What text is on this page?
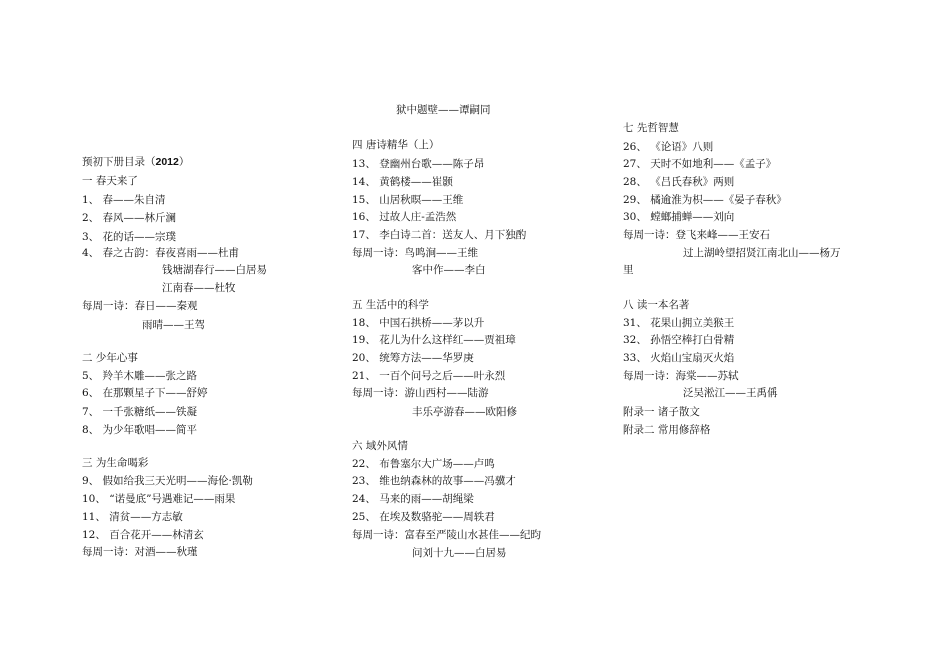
狱中题壁——谭嗣同
预初下册目录（2012）
一 春天来了
1、 春——朱自清
2、 春风——林斤澜
3、 花的话——宗璞
4、 春之古韵：春夜喜雨——杜甫
钱塘湖春行——白居易
江南春——杜牧
每周一诗：春日——秦观
雨晴——王驾
二 少年心事
5、 羚羊木雕——张之路
6、 在那颗星子下——舒婷
7、 一千张糖纸——铁凝
8、 为少年歌唱——简平
三 为生命喝彩
9、 假如给我三天光明——海伦·凯勒
10、 “诺曼底”号遇难记——雨果
11、 清贫——方志敏
12、 百合花开——林清玄
每周一诗：对酒——秋瑾
四 唐诗精华（上）
13、 登幽州台歌——陈子昂
14、 黄鹤楼——崔颢
15、 山居秋暝——王维
16、 过故人庄-孟浩然
17、 李白诗二首：送友人、月下独酌
每周一诗：鸟鸣涧——王维
客中作——李白
五 生活中的科学
18、 中国石拱桥——茅以升
19、 花儿为什么这样红——贾祖璋
20、 统筹方法——华罗庚
21、 一百个问号之后——叶永烈
每周一诗：游山西村——陆游
丰乐亭游春——欧阳修
六 域外风情
22、 布鲁塞尔大广场——卢鸣
23、 维也纳森林的故事——冯骥才
24、 马来的雨——胡绳梁
25、 在埃及数骆驼——周轶君
每周一诗：富春至严陵山水甚佳——纪昀
问刘十九——白居易
七 先哲智慧
26、 《论语》八则
27、 天时不如地利——《孟子》
28、 《吕氏春秋》两则
29、 橘逾淮为枳——《晏子春秋》
30、 螳螂捕蝉——刘向
每周一诗：登飞来峰——王安石
过上湖岭望招贤江南北山——杨万
里
八 读一本名著
31、 花果山拥立美猴王
32、 孙悟空棒打白骨精
33、 火焰山宝扇灭火焰
每周一诗：海棠——苏轼
泛吴淞江——王禹偁
附录一 诸子散文
附录二 常用修辞格
